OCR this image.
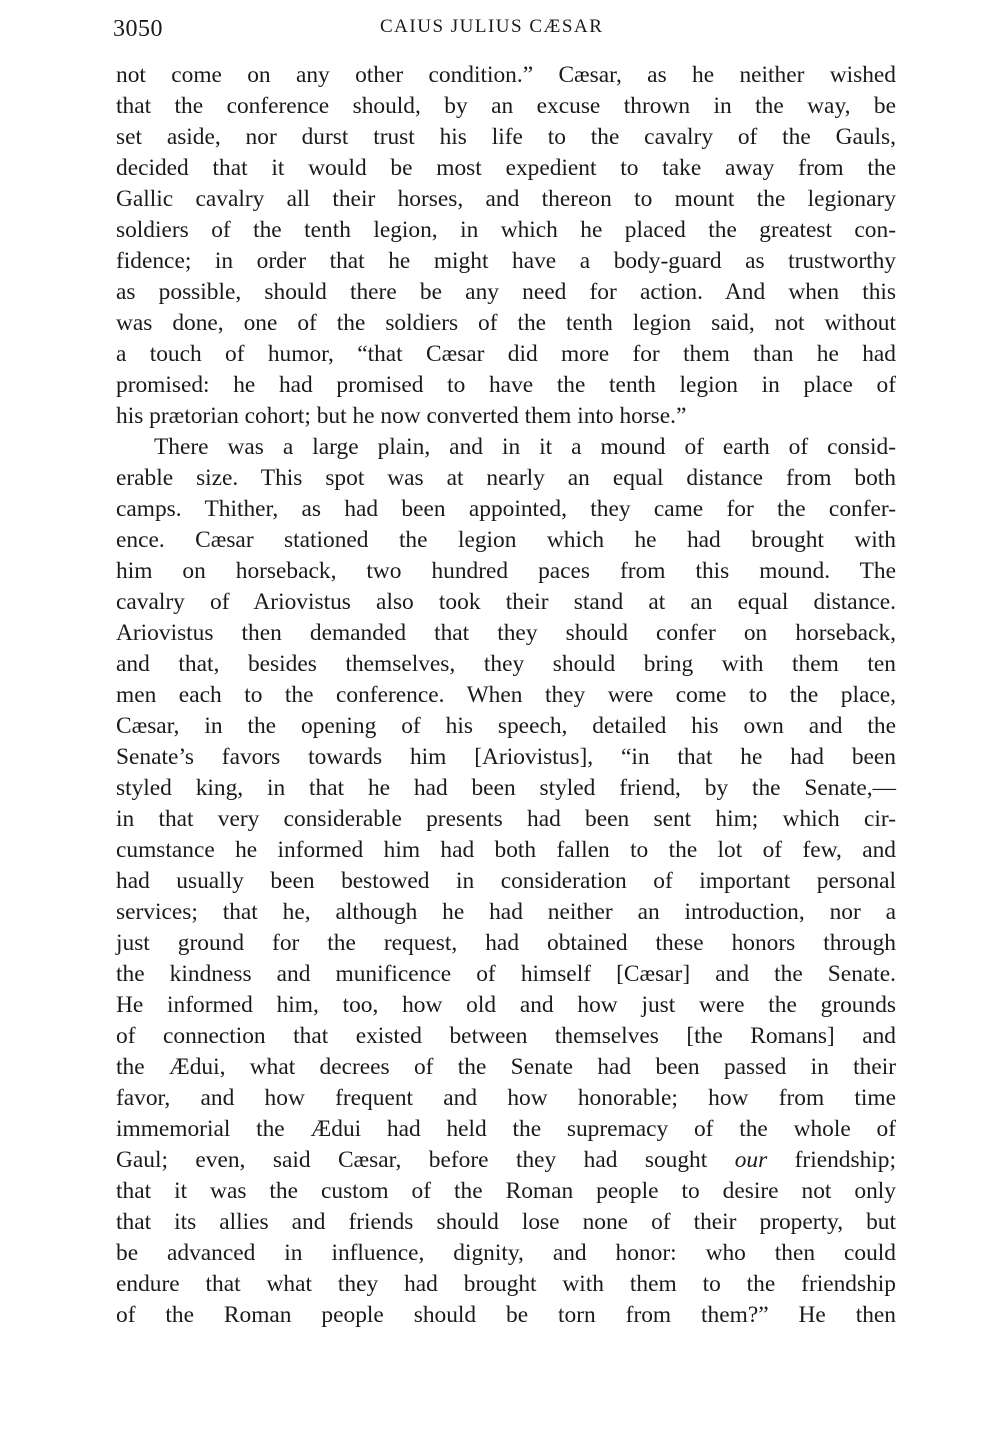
3050	CAIUS JULIUS CÆSAR
not come on any other condition.” Cæsar, as he neither wished
that the conference should, by an excuse thrown in the way, be
set aside, nor durst trust his life to the cavalry of the Gauls,
decided that it would be most expedient to take away from the
Gallic cavalry all their horses, and thereon to mount the legionary
soldiers of the tenth legion, in which he placed the greatest con-
fidence; in order that he might have a body-guard as trustworthy
as possible, should there be any need for action. And when this
was done, one of the soldiers of the tenth legion said, not without
a touch of humor, “that Cæsar did more for them than he had
promised: he had promised to have the tenth legion in place of
his prætorian cohort; but he now converted them into horse.”
There was a large plain, and in it a mound of earth of consid-
erable size. This spot was at nearly an equal distance from both
camps. Thither, as had been appointed, they came for the confer-
ence. Cæsar stationed the legion which he had brought with
him on horseback, two hundred paces from this mound. The
cavalry of Ariovistus also took their stand at an equal distance.
Ariovistus then demanded that they should confer on horseback,
and that, besides themselves, they should bring with them ten
men each to the conference. When they were come to the place,
Cæsar, in the opening of his speech, detailed his own and the
Senate’s favors towards him [Ariovistus], “in that he had been
styled king, in that he had been styled friend, by the Senate,—
in that very considerable presents had been sent him; which cir-
cumstance he informed him had both fallen to the lot of few, and
had usually been bestowed in consideration of important personal
services; that he, although he had neither an introduction, nor a
just ground for the request, had obtained these honors through
the kindness and munificence of himself [Cæsar] and the Senate.
He informed him, too, how old and how just were the grounds
of connection that existed between themselves [the Romans] and
the Ædui, what decrees of the Senate had been passed in their
favor, and how frequent and how honorable; how from time
immemorial the Ædui had held the supremacy of the whole of
Gaul; even, said Cæsar, before they had sought our friendship;
that it was the custom of the Roman people to desire not only
that its allies and friends should lose none of their property, but
be advanced in influence, dignity, and honor: who then could
endure that what they had brought with them to the friendship
of the Roman people should be torn from them?” He then
